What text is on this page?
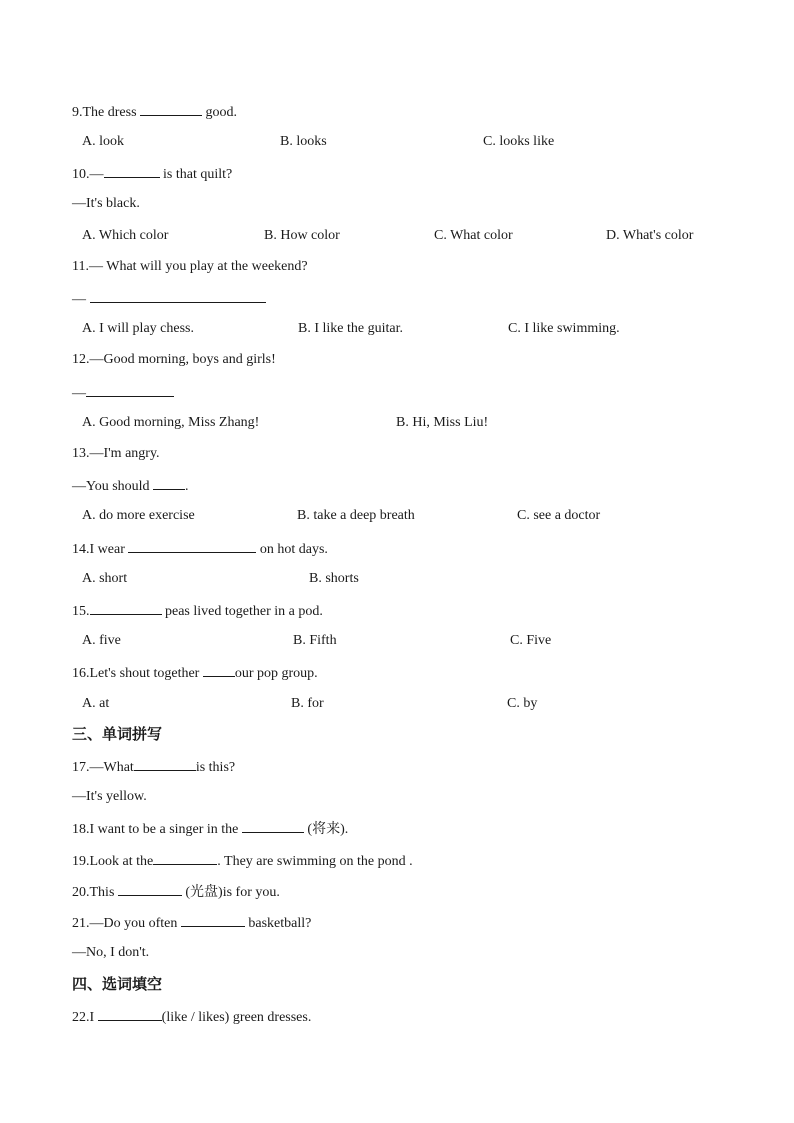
9.The dress	good.
A. look	B. looks	C. looks like
10.—	is that quilt?
—It's black.
A. Which color	B. How color	C. What color	D. What's color
11.— What will you play at the weekend?
—
A. I will play chess.	B. I like the guitar.	C. I like swimming.
12.—Good morning, boys and girls!
—
A. Good morning, Miss Zhang!	B. Hi, Miss Liu!
13.—I'm angry.
—You should .
A. do more exercise	B. take a deep breath	C. see a doctor
14.I wear	on hot days.
A. short	B. shorts
15.	peas lived together in a pod.
A. five	B. Fifth	C. Five
16.Let's shout together our pop group.
A. at	B. for	C. by
三、单词拼写
17.—What	is this?
—It's yellow.
18.I want to be a singer in the	(将来).
19.Look at the	. They are swimming on the pond .
20.This	(光盘)is for you.
21.—Do you often	basketball?
—No, I don't.
四、选词填空
22.I	(like / likes) green dresses.
